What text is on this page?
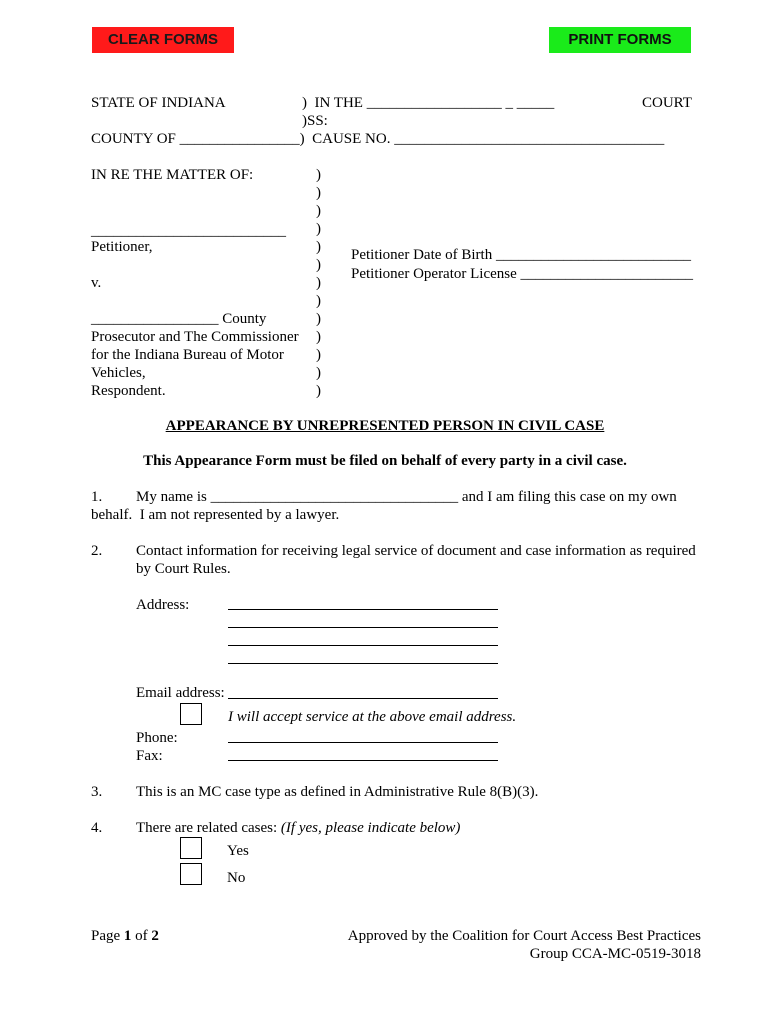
CLEAR FORMS	PRINT FORMS
STATE OF INDIANA	)  IN THE __________________ _ _____	COURT
)SS:
COUNTY OF ________________)  CAUSE NO. ____________________________________
IN RE THE MATTER OF:	)
)
)
)
)
)
)
)
)
)
)
)
)
__________________________
Petitioner,
v.
_________________ County
Prosecutor and The Commissioner
for the Indiana Bureau of Motor
Vehicles,
Respondent.
Petitioner Date of Birth __________________________
Petitioner Operator License _______________________
APPEARANCE BY UNREPRESENTED PERSON IN CIVIL CASE
This Appearance Form must be filed on behalf of every party in a civil case.
1. My name is _________________________________ and I am filing this case on my own
behalf.  I am not represented by a lawyer.
2. Contact information for receiving legal service of document and case information as required
by Court Rules.
Address:
Email address:
I will accept service at the above email address.
Phone:
Fax:
3. This is an MC case type as defined in Administrative Rule 8(B)(3).
4. There are related cases: (If yes, please indicate below)
Yes
No
Page 1 of 2	Approved by the Coalition for Court Access Best Practices
Group CCA-MC-0519-3018
